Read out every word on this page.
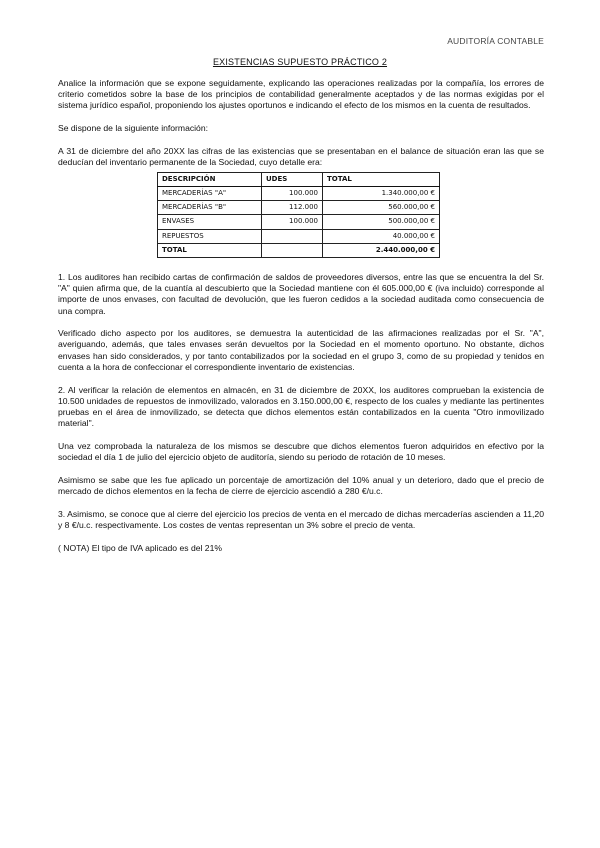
AUDITORÍA CONTABLE
EXISTENCIAS SUPUESTO PRÁCTICO 2

Analice la información que se expone seguidamente, explicando las operaciones realizadas por la compañía, los errores de criterio cometidos sobre la base de los principios de contabilidad generalmente aceptados y de las normas exigidas por el sistema jurídico español, proponiendo los ajustes oportunos e indicando el efecto de los mismos en la cuenta de resultados.

Se dispone de la siguiente información:

A 31 de diciembre del año 20XX las cifras de las existencias que se presentaban en el balance de situación eran las que se deducían del inventario permanente de la Sociedad, cuyo detalle era:

DESCRIPCIÓN	UDES	TOTAL
MERCADERÍAS "A"	100.000	1.340.000,00 €
MERCADERÍAS "B"	112.000	560.000,00 €
ENVASES	100.000	500.000,00 €
REPUESTOS		40.000,00 €
TOTAL		2.440.000,00 €

1. Los auditores han recibido cartas de confirmación de saldos de proveedores diversos, entre las que se encuentra la del Sr. "A" quien afirma que, de la cuantía al descubierto que la Sociedad mantiene con él 605.000,00 € (iva incluido) corresponde al importe de unos envases, con facultad de devolución, que les fueron cedidos a la sociedad auditada como consecuencia de una compra.

Verificado dicho aspecto por los auditores, se demuestra la autenticidad de las afirmaciones realizadas por el Sr. "A", averiguando, además, que tales envases serán devueltos por la Sociedad en el momento oportuno. No obstante, dichos envases han sido considerados, y por tanto contabilizados por la sociedad en el grupo 3, como de su propiedad y tenidos en cuenta a la hora de confeccionar el correspondiente inventario de existencias.

2. Al verificar la relación de elementos en almacén, en 31 de diciembre de 20XX, los auditores comprueban la existencia de 10.500 unidades de repuestos de inmovilizado, valorados en 3.150.000,00 €, respecto de los cuales y mediante las pertinentes pruebas en el área de inmovilizado, se detecta que dichos elementos están contabilizados en la cuenta "Otro inmovilizado material".

Una vez comprobada la naturaleza de los mismos se descubre que dichos elementos fueron adquiridos en efectivo por la sociedad el día 1 de julio del ejercicio objeto de auditoría, siendo su periodo de rotación de 10 meses.

Asimismo se sabe que les fue aplicado un porcentaje de amortización del 10% anual y un deterioro, dado que el precio de mercado de dichos elementos en la fecha de cierre de ejercicio ascendió a 280 €/u.c.

3. Asimismo, se conoce que al cierre del ejercicio los precios de venta en el mercado de dichas mercaderías ascienden a 11,20 y 8 €/u.c. respectivamente. Los costes de ventas representan un 3% sobre el precio de venta.

( NOTA) El tipo de IVA aplicado es del 21%
